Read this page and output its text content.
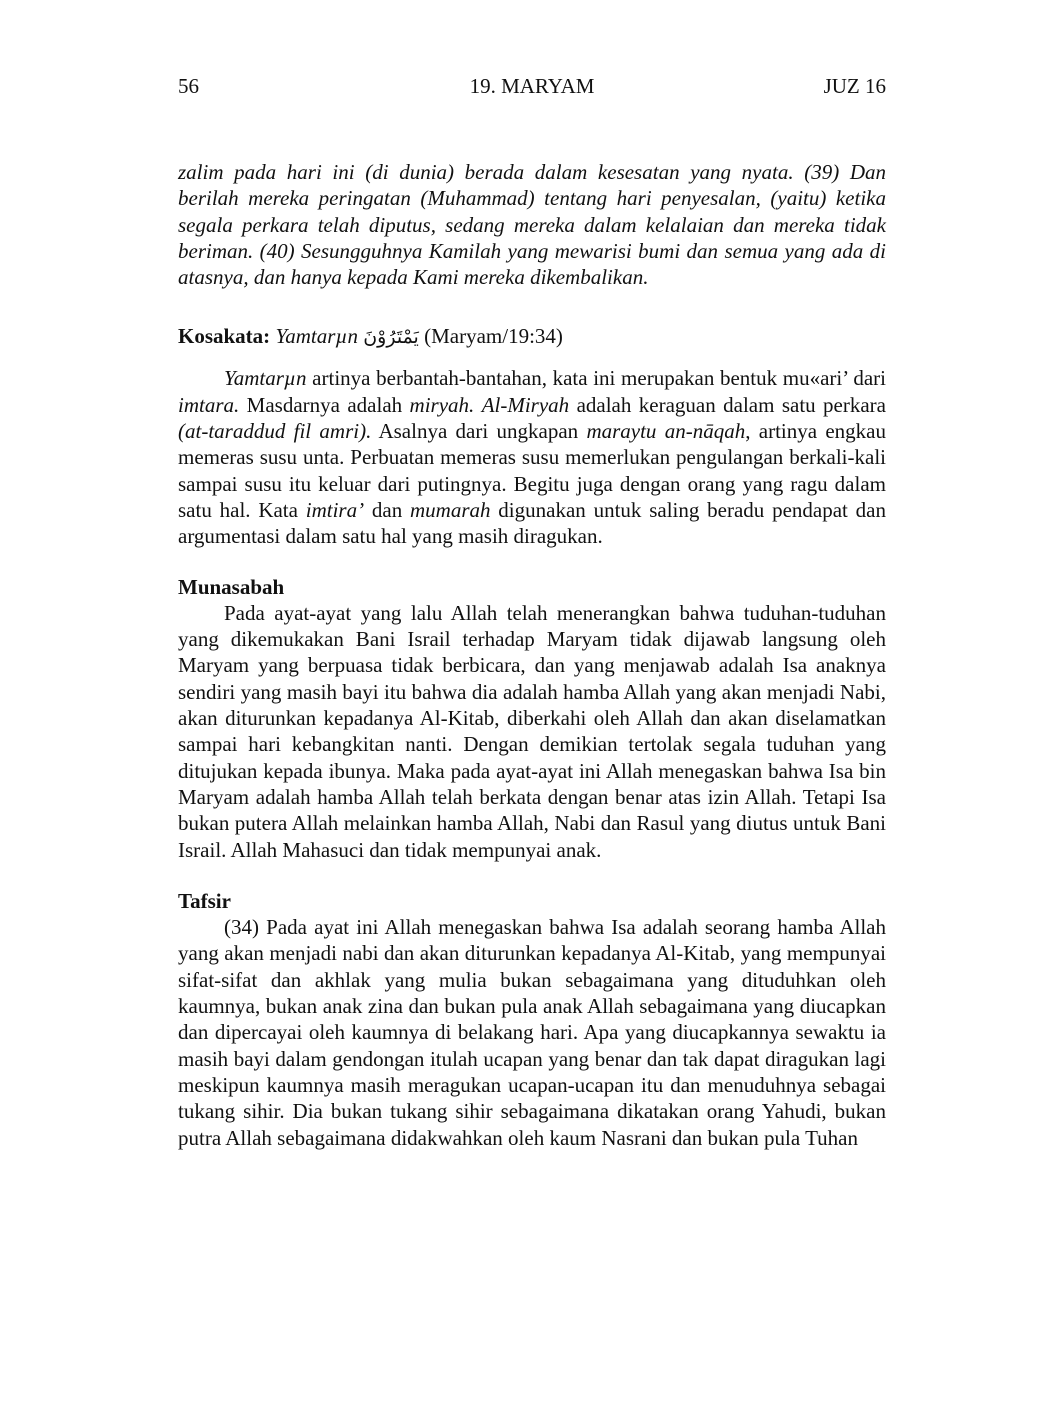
56	19. MARYAM	JUZ 16

zalim pada hari ini (di dunia) berada dalam kesesatan yang nyata. (39) Dan berilah mereka peringatan (Muhammad) tentang hari penyesalan, (yaitu) ketika segala perkara telah diputus, sedang mereka dalam kelalaian dan mereka tidak beriman. (40) Sesungguhnya Kamilah yang mewarisi bumi dan semua yang ada di atasnya, dan hanya kepada Kami mereka dikembalikan.

Kosakata: Yamtarµn يَمْتَرُوْنَ (Maryam/19:34)

Yamtarµn artinya berbantah-bantahan, kata ini merupakan bentuk mu«ari’ dari imtara. Masdarnya adalah miryah. Al-Miryah adalah keraguan dalam satu perkara (at-taraddud fil amri). Asalnya dari ungkapan maraytu an-nāqah, artinya engkau memeras susu unta. Perbuatan memeras susu memerlukan pengulangan berkali-kali sampai susu itu keluar dari putingnya. Begitu juga dengan orang yang ragu dalam satu hal. Kata imtira’ dan mumarah digunakan untuk saling beradu pendapat dan argumentasi dalam satu hal yang masih diragukan.

Munasabah

Pada ayat-ayat yang lalu Allah telah menerangkan bahwa tuduhan-tuduhan yang dikemukakan Bani Israil terhadap Maryam tidak dijawab langsung oleh Maryam yang berpuasa tidak berbicara, dan yang menjawab adalah Isa anaknya sendiri yang masih bayi itu bahwa dia adalah hamba Allah yang akan menjadi Nabi, akan diturunkan kepadanya Al-Kitab, diberkahi oleh Allah dan akan diselamatkan sampai hari kebangkitan nanti. Dengan demikian tertolak segala tuduhan yang ditujukan kepada ibunya. Maka pada ayat-ayat ini Allah menegaskan bahwa Isa bin Maryam adalah hamba Allah telah berkata dengan benar atas izin Allah. Tetapi Isa bukan putera Allah melainkan hamba Allah, Nabi dan Rasul yang diutus untuk Bani Israil. Allah Mahasuci dan tidak mempunyai anak.

Tafsir

(34) Pada ayat ini Allah menegaskan bahwa Isa adalah seorang hamba Allah yang akan menjadi nabi dan akan diturunkan kepadanya Al-Kitab, yang mempunyai sifat-sifat dan akhlak yang mulia bukan sebagaimana yang dituduhkan oleh kaumnya, bukan anak zina dan bukan pula anak Allah sebagaimana yang diucapkan dan dipercayai oleh kaumnya di belakang hari. Apa yang diucapkannya sewaktu ia masih bayi dalam gendongan itulah ucapan yang benar dan tak dapat diragukan lagi meskipun kaumnya masih meragukan ucapan-ucapan itu dan menuduhnya sebagai tukang sihir. Dia bukan tukang sihir sebagaimana dikatakan orang Yahudi, bukan putra Allah sebagaimana didakwahkan oleh kaum Nasrani dan bukan pula Tuhan
